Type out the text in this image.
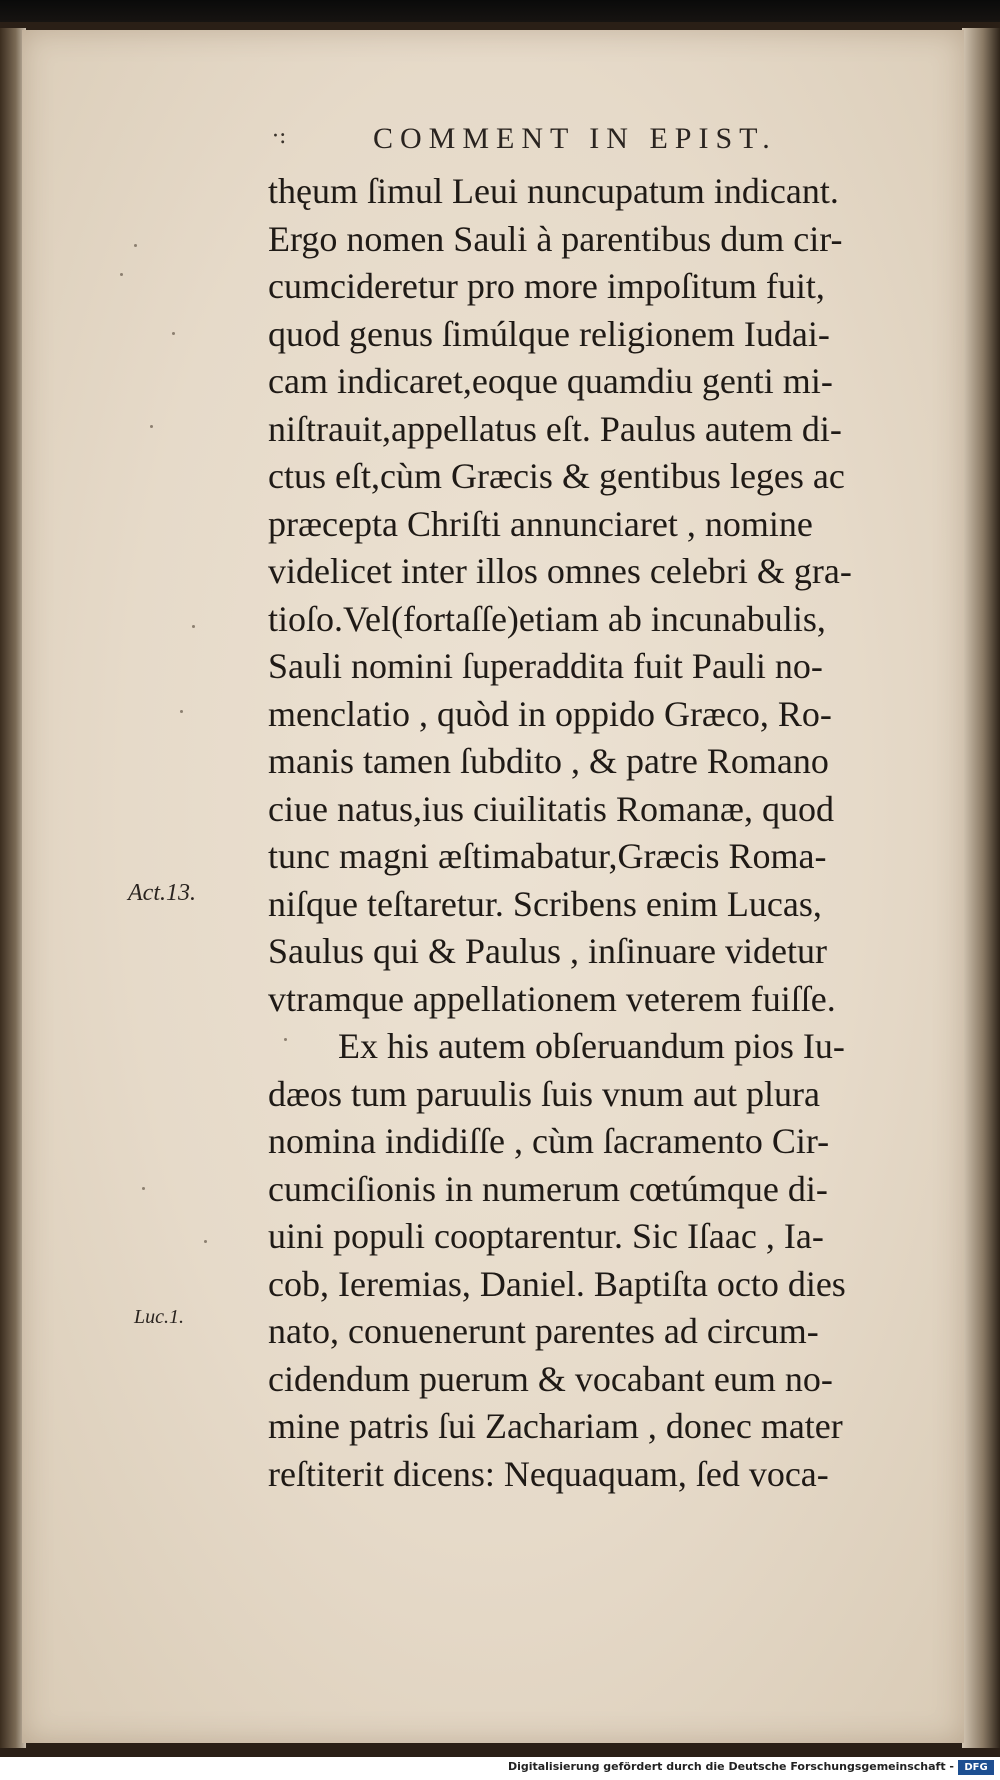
·:	COMMENT IN EPIST.
thęum ſimul Leui nuncupatum indicant.
Ergo nomen Sauli à parentibus dum cir-
cumcideretur pro more impoſitum fuit,
quod genus ſimúlque religionem Iudai-
cam indicaret,eoque quamdiu genti mi-
niſtrauit,appellatus eſt. Paulus autem di-
ctus eſt,cùm Græcis & gentibus leges ac
præcepta Chriſti annunciaret , nomine
videlicet inter illos omnes celebri & gra-
tioſo.Vel(fortaſſe)etiam ab incunabulis,
Sauli nomini ſuperaddita fuit Pauli no-
menclatio , quòd in oppido Græco, Ro-
manis tamen ſubdito , & patre Romano
ciue natus,ius ciuilitatis Romanæ, quod
tunc magni æſtimabatur,Græcis Roma-
niſque teſtaretur. Scribens enim Lucas,
Saulus qui & Paulus , inſinuare videtur
vtramque appellationem veterem fuiſſe.
Ex his autem obſeruandum pios Iu-
dæos tum paruulis ſuis vnum aut plura
nomina indidiſſe , cùm ſacramento Cir-
cumciſionis in numerum cœtúmque di-
uini populi cooptarentur. Sic Iſaac , Ia-
cob, Ieremias, Daniel. Baptiſta octo dies
nato, conuenerunt parentes ad circum-
cidendum puerum & vocabant eum no-
mine patris ſui Zachariam , donec mater
reſtiterit dicens: Nequaquam, ſed voca-
Act.13.
Luc.1.
Digitalisierung gefördert durch die Deutsche Forschungsgemeinschaft -	DFG
